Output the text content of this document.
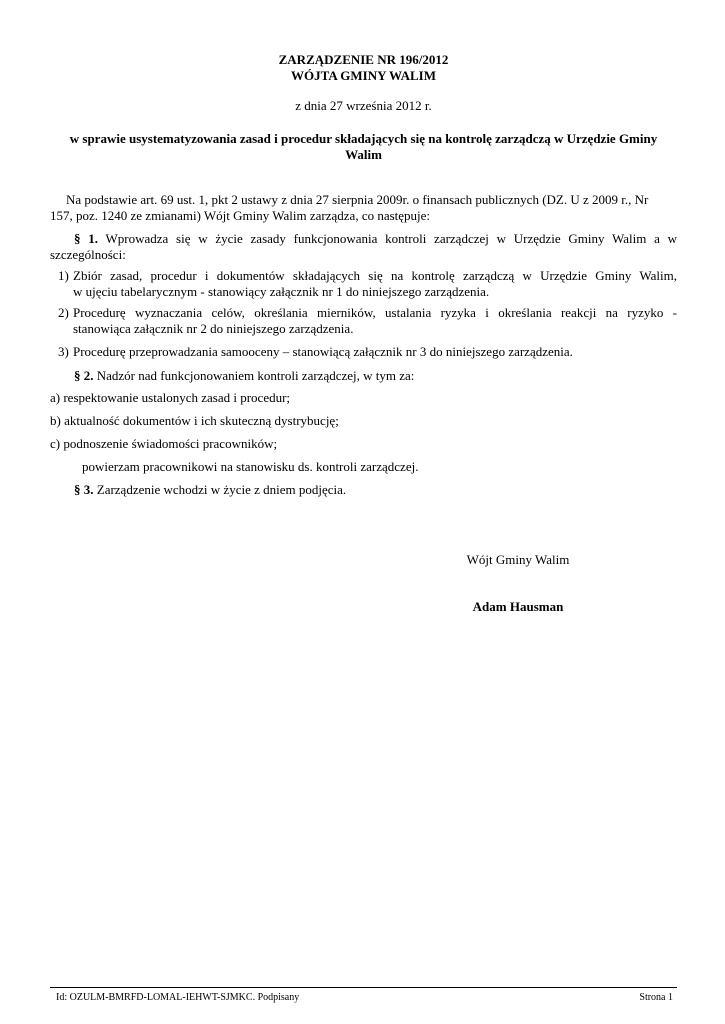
ZARZĄDZENIE NR 196/2012
WÓJTA GMINY WALIM
z dnia 27 września 2012 r.
w sprawie usystematyzowania zasad i procedur składających się na kontrolę zarządczą w Urzędzie Gminy
Walim
Na podstawie art. 69 ust. 1, pkt 2 ustawy z dnia 27 sierpnia 2009r. o finansach publicznych (DZ. U z 2009 r., Nr
157, poz. 1240 ze zmianami) Wójt Gminy Walim zarządza, co następuje:
§ 1. Wprowadza się w życie zasady funkcjonowania kontroli zarządczej w Urzędzie Gminy Walim a w
szczególności:
1) Zbiór zasad, procedur i dokumentów składających się na kontrolę zarządczą w Urzędzie Gminy Walim,
w ujęciu tabelarycznym - stanowiący załącznik nr 1 do niniejszego zarządzenia.
2) Procedurę wyznaczania celów, określania mierników, ustalania ryzyka i określania reakcji na ryzyko -
stanowiąca załącznik nr 2 do niniejszego zarządzenia.
3) Procedurę przeprowadzania samooceny – stanowiącą załącznik nr 3 do niniejszego zarządzenia.
§ 2. Nadzór nad funkcjonowaniem kontroli zarządczej, w tym za:
a) respektowanie ustalonych zasad i procedur;
b) aktualność dokumentów i ich skuteczną dystrybucję;
c) podnoszenie świadomości pracowników;
powierzam pracownikowi na stanowisku ds. kontroli zarządczej.
§ 3. Zarządzenie wchodzi w życie z dniem podjęcia.
Wójt Gminy Walim
Adam Hausman
Id: OZULM-BMRFD-LOMAL-IEHWT-SJMKC. Podpisany	Strona 1
